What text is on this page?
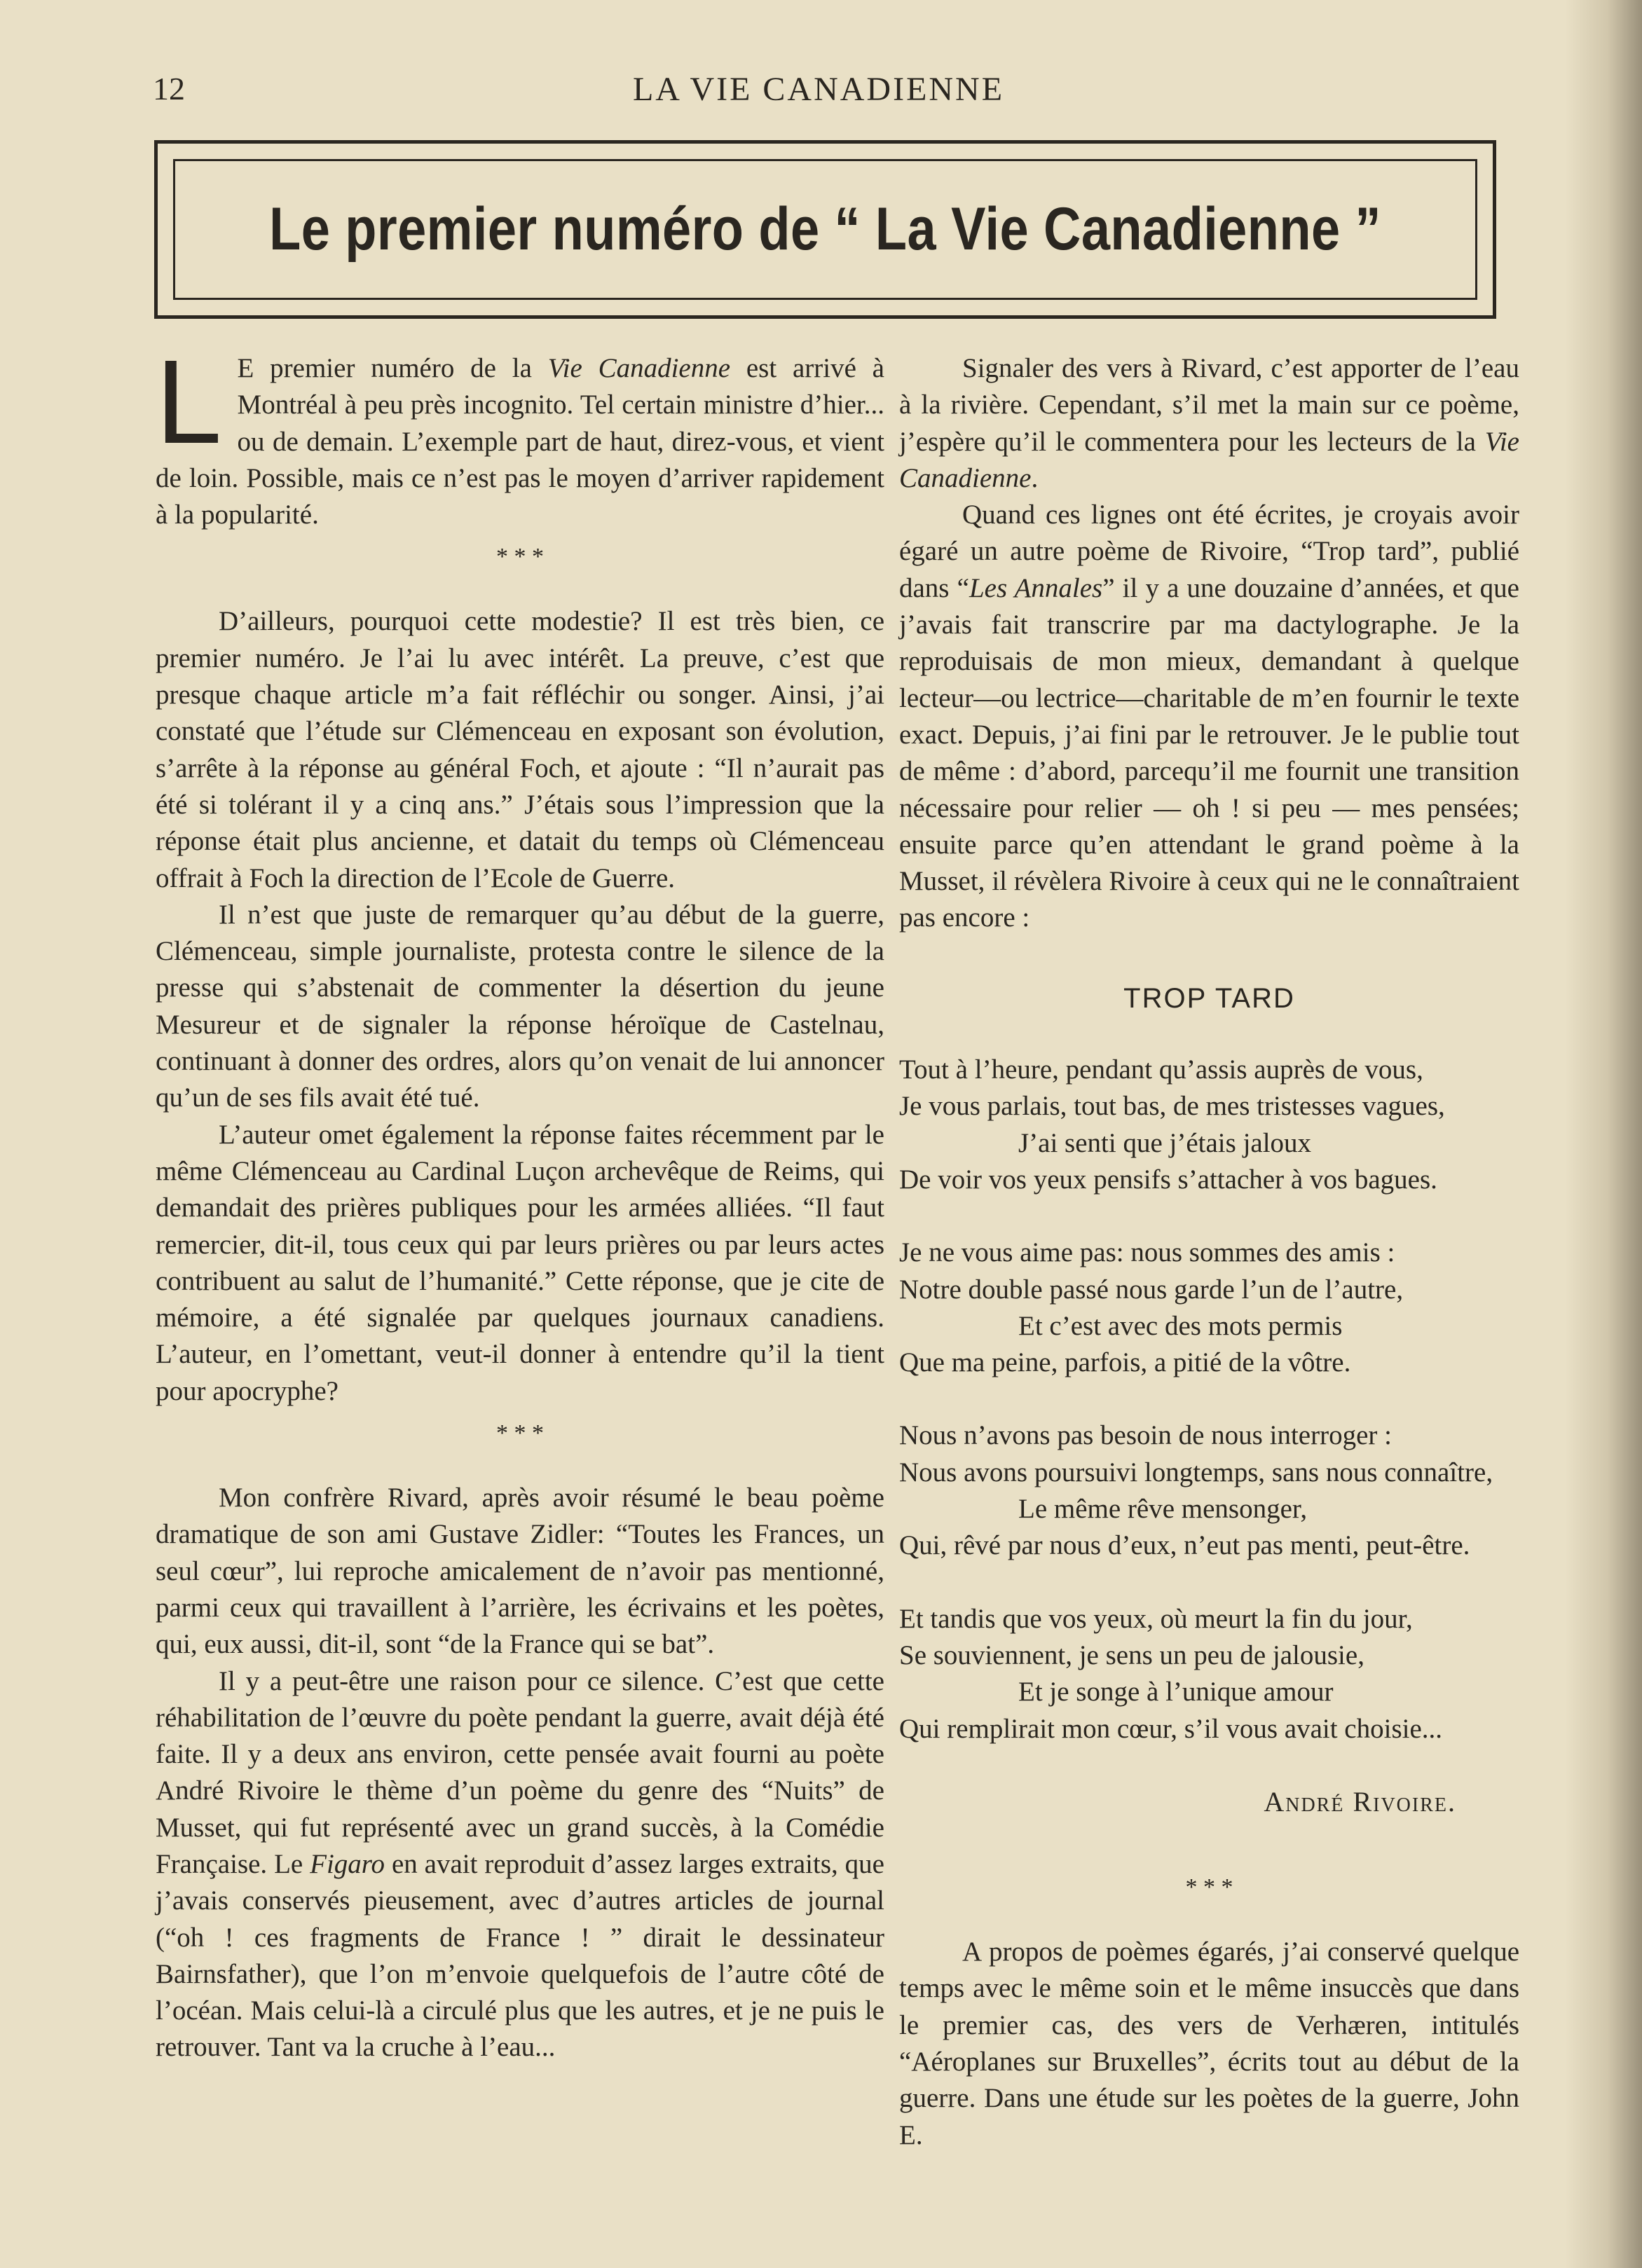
12	LA VIE CANADIENNE
Le premier numéro de “ La Vie Canadienne ”

L E premier numéro de la Vie Canadienne est arrivé à Montréal à peu près incognito. Tel certain ministre d’hier... ou de demain. L’exemple part de haut, direz-vous, et vient de loin. Possible, mais ce n’est pas le moyen d’arriver rapidement à la popularité.

* * *

D’ailleurs, pourquoi cette modestie? Il est très bien, ce premier numéro. Je l’ai lu avec intérêt. La preuve, c’est que presque chaque article m’a fait réfléchir ou songer. Ainsi, j’ai constaté que l’étude sur Clémenceau en exposant son évolution, s’arrête à la réponse au général Foch, et ajoute : “Il n’aurait pas été si tolérant il y a cinq ans.” J’étais sous l’impression que la réponse était plus ancienne, et datait du temps où Clémenceau offrait à Foch la direction de l’Ecole de Guerre.

Il n’est que juste de remarquer qu’au début de la guerre, Clémenceau, simple journaliste, protesta contre le silence de la presse qui s’abstenait de commenter la désertion du jeune Mesureur et de signaler la réponse héroïque de Castelnau, continuant à donner des ordres, alors qu’on venait de lui annoncer qu’un de ses fils avait été tué.

L’auteur omet également la réponse faites récemment par le même Clémenceau au Cardinal Luçon archevêque de Reims, qui demandait des prières publiques pour les armées alliées. “Il faut remercier, dit-il, tous ceux qui par leurs prières ou par leurs actes contribuent au salut de l’humanité.” Cette réponse, que je cite de mémoire, a été signalée par quelques journaux canadiens. L’auteur, en l’omettant, veut-il donner à entendre qu’il la tient pour apocryphe?

* * *

Mon confrère Rivard, après avoir résumé le beau poème dramatique de son ami Gustave Zidler: “Toutes les Frances, un seul cœur”, lui reproche amicalement de n’avoir pas mentionné, parmi ceux qui travaillent à l’arrière, les écrivains et les poètes, qui, eux aussi, dit-il, sont “de la France qui se bat”.

Il y a peut-être une raison pour ce silence. C’est que cette réhabilitation de l’œuvre du poète pendant la guerre, avait déjà été faite. Il y a deux ans environ, cette pensée avait fourni au poète André Rivoire le thème d’un poème du genre des “Nuits” de Musset, qui fut représenté avec un grand succès, à la Comédie Française. Le Figaro en avait reproduit d’assez larges extraits, que j’avais conservés pieusement, avec d’autres articles de journal (“oh ! ces fragments de France ! ” dirait le dessinateur Bairnsfather), que l’on m’envoie quelquefois de l’autre côté de l’océan. Mais celui-là a circulé plus que les autres, et je ne puis le retrouver. Tant va la cruche à l’eau...

Signaler des vers à Rivard, c’est apporter de l’eau à la rivière. Cependant, s’il met la main sur ce poème, j’espère qu’il le commentera pour les lecteurs de la Vie Canadienne.

Quand ces lignes ont été écrites, je croyais avoir égaré un autre poème de Rivoire, “Trop tard”, publié dans “Les Annales” il y a une douzaine d’années, et que j’avais fait transcrire par ma dactylographe. Je la reproduisais de mon mieux, demandant à quelque lecteur—ou lectrice—charitable de m’en fournir le texte exact. Depuis, j’ai fini par le retrouver. Je le publie tout de même : d’abord, parcequ’il me fournit une transition nécessaire pour relier — oh ! si peu — mes pensées; ensuite parce qu’en attendant le grand poème à la Musset, il révèlera Rivoire à ceux qui ne le connaîtraient pas encore :

TROP TARD
Tout à l’heure, pendant qu’assis auprès de vous,
Je vous parlais, tout bas, de mes tristesses vagues,
J’ai senti que j’étais jaloux
De voir vos yeux pensifs s’attacher à vos bagues.
Je ne vous aime pas: nous sommes des amis :
Notre double passé nous garde l’un de l’autre,
Et c’est avec des mots permis
Que ma peine, parfois, a pitié de la vôtre.
Nous n’avons pas besoin de nous interroger :
Nous avons poursuivi longtemps, sans nous connaître,
Le même rêve mensonger,
Qui, rêvé par nous d’eux, n’eut pas menti, peut-être.
Et tandis que vos yeux, où meurt la fin du jour,
Se souviennent, je sens un peu de jalousie,
Et je songe à l’unique amour
Qui remplirait mon cœur, s’il vous avait choisie...
André Rivoire.
* * *

A propos de poèmes égarés, j’ai conservé quelque temps avec le même soin et le même insuccès que dans le premier cas, des vers de Verhæren, intitulés “Aéroplanes sur Bruxelles”, écrits tout au début de la guerre. Dans une étude sur les poètes de la guerre, John E.
